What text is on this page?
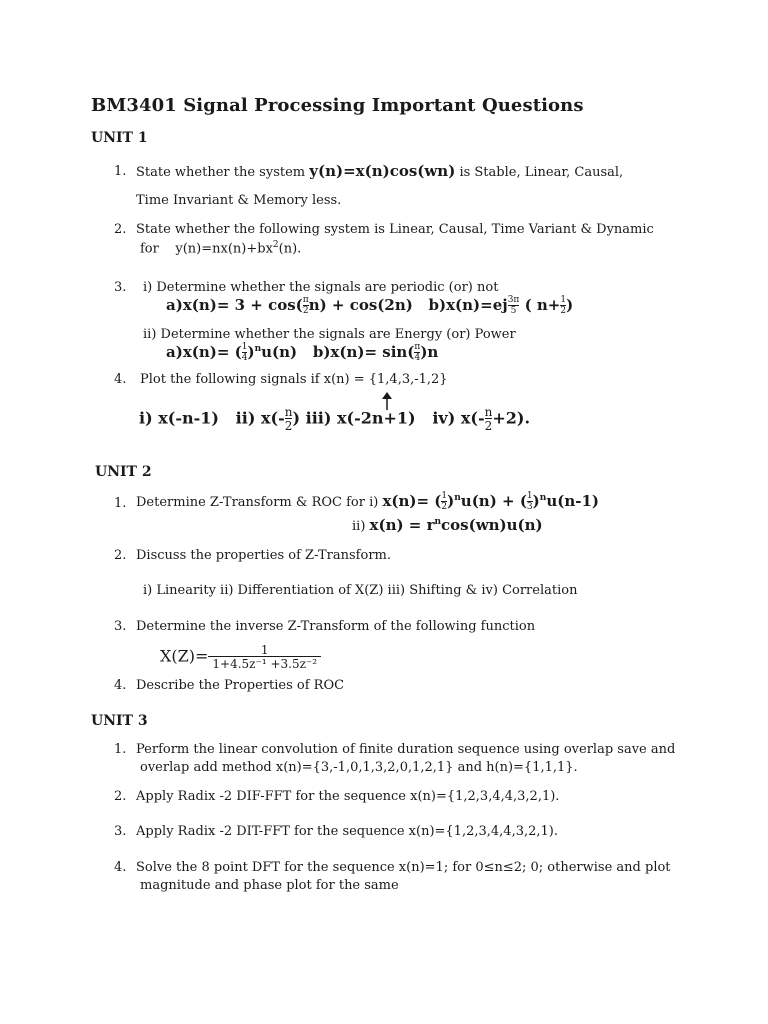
BM3401 Signal Processing Important Questions
UNIT 1
1. State whether the system y(n)=x(n)cos(wn) is Stable, Linear, Causal,
Time Invariant & Memory less.
2. State whether the following system is Linear, Causal, Time Variant & Dynamic
for $y(n)=nx(n)+bx^2(n)$.
3. i) Determine whether the signals are periodic (or) not
$a)x(n)= 3 + \cos( \frac{\pi}{2} n) + \cos(2n)$ $b)x(n)=ej \frac{3\pi}{5}$ ( $n+ \frac{1}{2}$ )
ii) Determine whether the signals are Energy (or) Power
a)x(n)= ( $\frac{1}{4} )^nu(n)$ $b)x(n)= \sin( \frac{\pi}{4} )n$
4. Plot the following signals if x(n) = {1,4,3,-1,2}
i) x(-n-1) ii) $x(- \frac{n}{2}$ ) iii) x(-2n+1) iv) $x(- \frac{n}{2} +2)$.
UNIT 2
1. Determine Z-Transform & ROC for i) x(n)= ( $\frac{1}{2} )^nu(n)$ + ( $\frac{1}{3} )^nu(n-1)$
ii) $x(n) = r^n\cos(wn)u(n)$
2. Discuss the properties of Z-Transform.
i) Linearity ii) Differentiation of X(Z) iii) Shifting & iv) Correlation
3. Determine the inverse Z-Transform of the following function
$X(Z)= \frac{1}{\text{1+4.5z⁻¹ +3.5z⁻²}}$
4. Describe the Properties of ROC
UNIT 3
1. Perform the linear convolution of finite duration sequence using overlap save and
overlap add method x(n)={3,-1,0,1,3,2,0,1,2,1} and h(n)={1,1,1}.
2. Apply Radix -2 DIF-FFT for the sequence x(n)={1,2,3,4,4,3,2,1).
3. Apply Radix -2 DIT-FFT for the sequence x(n)={1,2,3,4,4,3,2,1).
4. Solve the 8 point DFT for the sequence x(n)=1; for 0≤n≤2; 0; otherwise and plot
magnitude and phase plot for the same
